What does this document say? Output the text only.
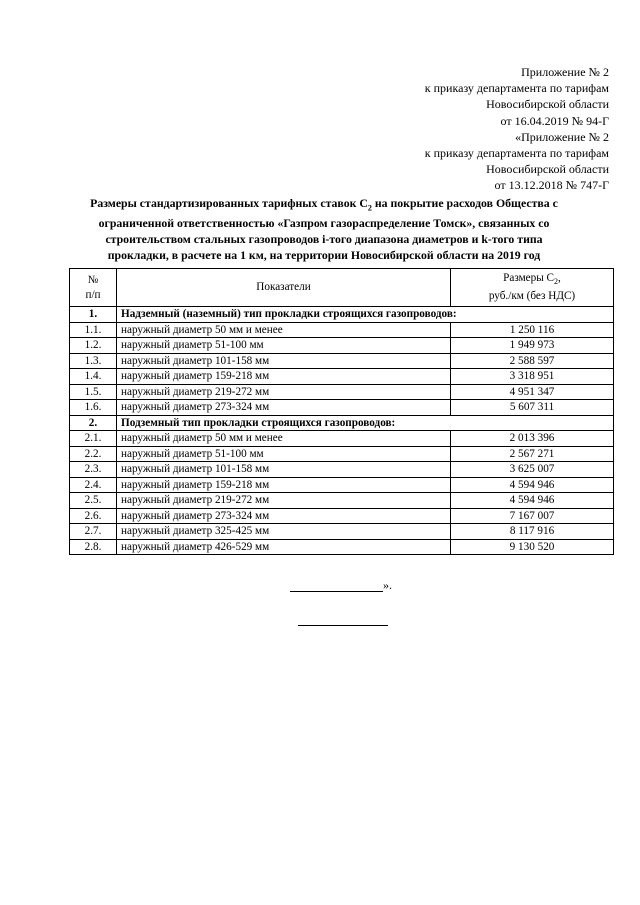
Приложение № 2
к приказу департамента по тарифам
Новосибирской области
от 16.04.2019 № 94-Г
«Приложение № 2
к приказу департамента по тарифам
Новосибирской области
от 13.12.2018 № 747-Г
Размеры стандартизированных тарифных ставок $С_2$ на покрытие расходов Общества с ограниченной ответственностью «Газпром газораспределение Томск», связанных со строительством стальных газопроводов i-того диапазона диаметров и k-того типа прокладки, в расчете на 1 км, на территории Новосибирской области на 2019 год
№
п/п	Показатели	Размеры $С_2$,
руб./км (без НДС)
1.	Надземный (наземный) тип прокладки строящихся газопроводов:	
1.1.	наружный диаметр 50 мм и менее	1 250 116
1.2.	наружный диаметр 51-100 мм	1 949 973
1.3.	наружный диаметр 101-158 мм	2 588 597
1.4.	наружный диаметр 159-218 мм	3 318 951
1.5.	наружный диаметр 219-272 мм	4 951 347
1.6.	наружный диаметр 273-324 мм	5 607 311
2.	Подземный тип прокладки строящихся газопроводов:	
2.1.	наружный диаметр 50 мм и менее	2 013 396
2.2.	наружный диаметр 51-100 мм	2 567 271
2.3.	наружный диаметр 101-158 мм	3 625 007
2.4.	наружный диаметр 159-218 мм	4 594 946
2.5.	наружный диаметр 219-272 мм	4 594 946
2.6.	наружный диаметр 273-324 мм	7 167 007
2.7.	наружный диаметр 325-425 мм	8 117 916
2.8.	наружный диаметр 426-529 мм	9 130 520
».
